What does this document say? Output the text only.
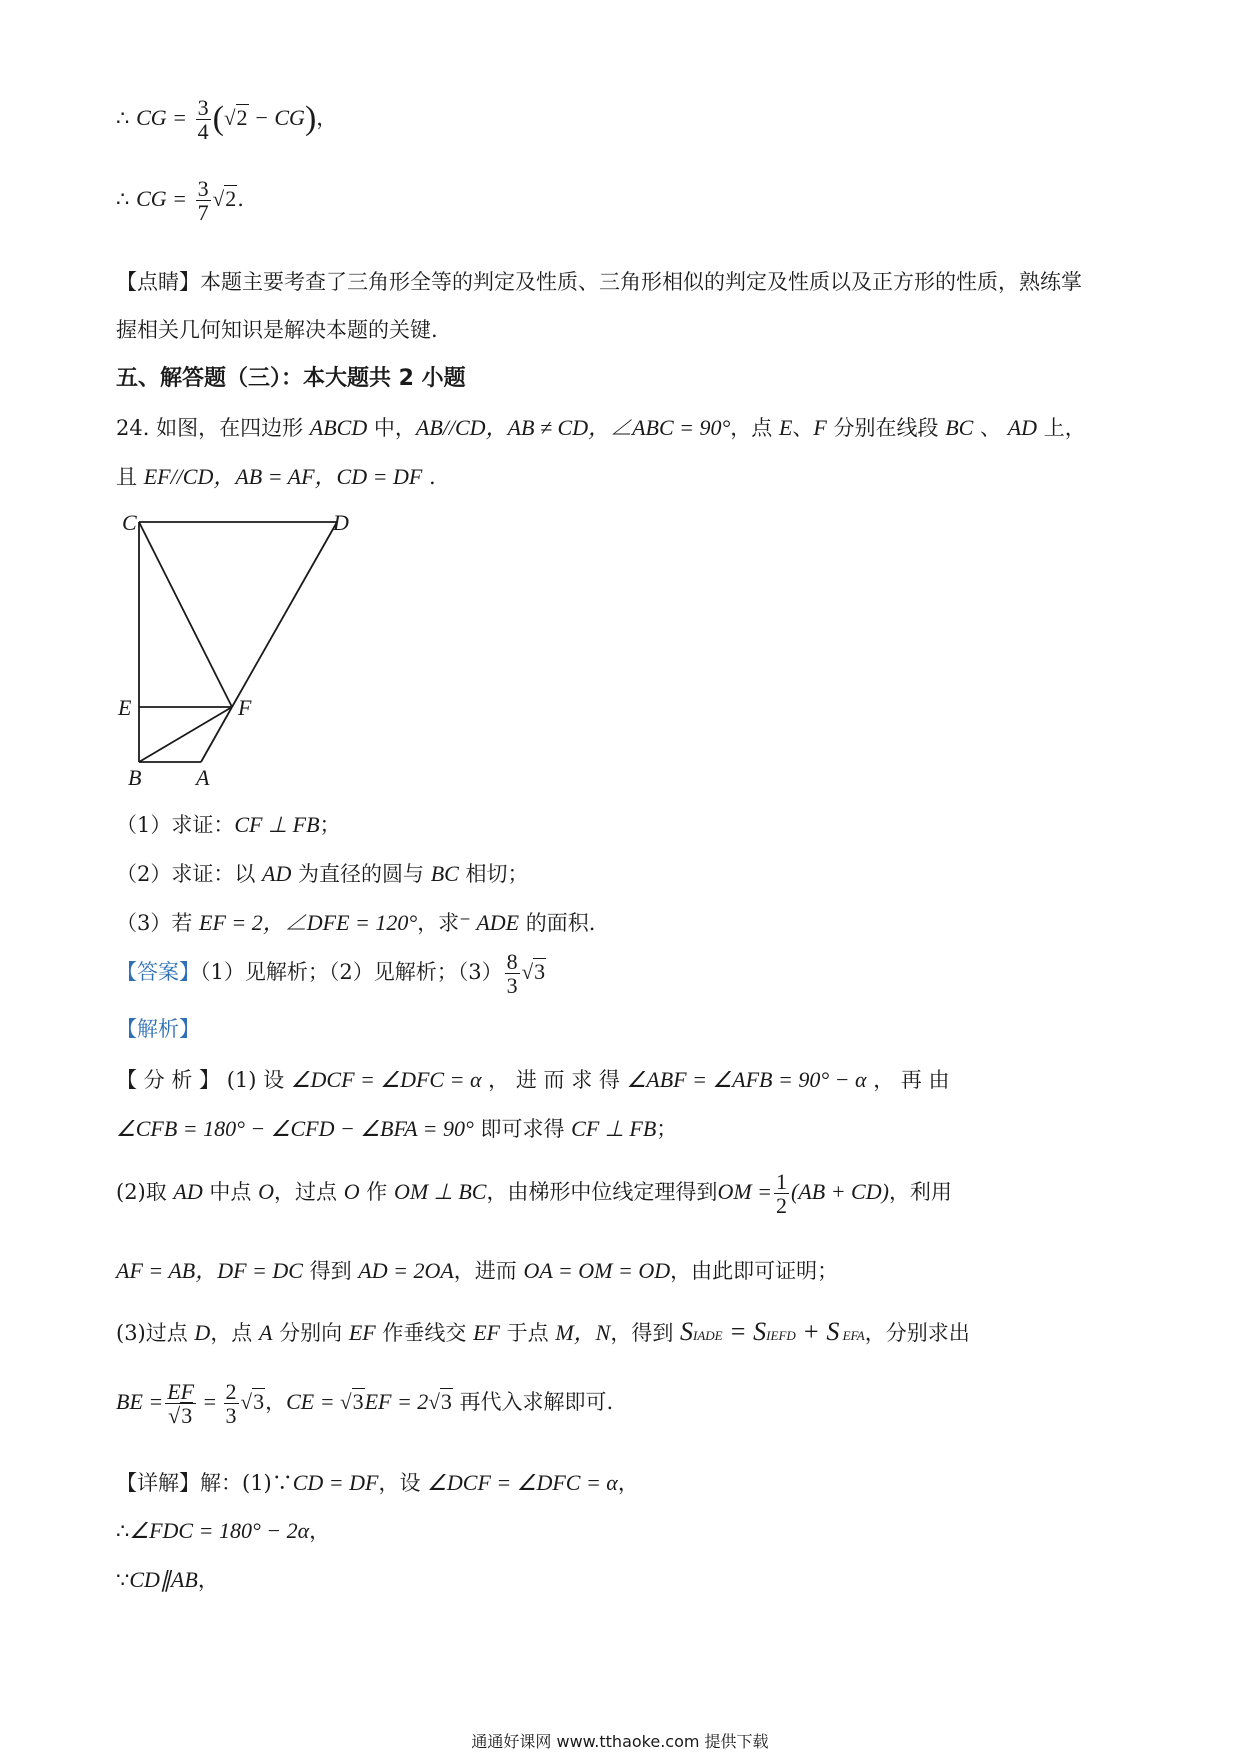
∴ CG = $\frac{3}{4} (√2 - CG)$，
∴ CG = $\frac{3}{7} √2$.
【点睛】本题主要考查了三角形全等的判定及性质、三角形相似的判定及性质以及正方形的性质，熟练掌
握相关几何知识是解决本题的关键.
五、解答题（三）：本大题共 2 小题
24. 如图，在四边形 ABCD 中，AB//CD，AB ≠ CD，∠ABC = 90°，点 E、F 分别在线段 BC 、 AD 上，
且 EF//CD，AB = AF，CD = DF .
C	D
E	F
B A
（1）求证：CF ⊥ FB；
（2）求证：以 AD 为直径的圆与 BC 相切；
（3）若 EF = 2，∠DFE = 120°，求⁻ ADE 的面积.
【答案】（1）见解析；（2）见解析；$(3) \frac{8}{3} √3$
【解析】
【 分 析 】 (1) 设 ∠DCF = ∠DFC = α ， 进 而 求 得 ∠ABF = ∠AFB = 90° − α ， 再 由
∠CFB = 180° − ∠CFD − ∠BFA = 90° 即可求得 CF ⊥ FB；
(2)取 AD 中点 O，过点 O 作 OM ⊥ BC，由梯形中位线定理得到OM = $\frac{1}{2} (AB + CD)$，利用
AF = AB，DF = DC 得到 AD = 2OA，进而 OA = OM = OD，由此即可证明；
(3)过点 D，点 A 分别向 EF 作垂线交 EF 于点 M，N，得到 SΙADE = SΙEFD + S EFA，分别求出
BE = $\frac{EF}{√3} = \frac{2}{3} √3$，CE = √3EF = 2√3 再代入求解即可.
【详解】解：(1)∵CD = DF，设 ∠DCF = ∠DFC = α，
∴∠FDC = 180° − 2α，
∵CD∥AB，
通通好课网 www.tthaoke.com 提供下载
